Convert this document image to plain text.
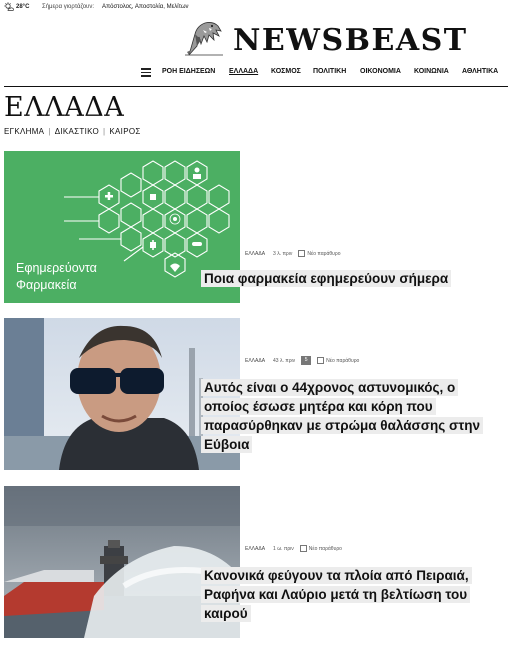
28°C Σήμερα γιορτάζουν: Απόστολος, Αποστολία, Μελίτων
NEWSBEAST
ΡΟΗ ΕΙΔΗΣΕΩΝ ΕΛΛΑΔΑ ΚΟΣΜΟΣ ΠΟΛΙΤΙΚΗ ΟΙΚΟΝΟΜΙΑ ΚΟΙΝΩΝΙΑ ΑΘΛΗΤΙΚΑ
ΕΛΛΑΔΑ
ΕΓΚΛΗΜΑ | ΔΙΚΑΣΤΙΚΟ | ΚΑΙΡΟΣ
Εφημερεύοντα
Φαρμακεία
ΕΛΛΑΔΑ 3 λ. πριν	Νέο παράθυρο
Ποια φαρμακεία εφημερεύουν σήμερα
ΕΛΛΑΔΑ 43 λ. πριν 5	Νέο παράθυρο
Αυτός είναι ο 44χρονος αστυνομικός, ο οποίος έσωσε μητέρα και κόρη που παρασύρθηκαν με στρώμα θαλάσσης στην Εύβοια
ΕΛΛΑΔΑ 1 ω. πριν	Νέο παράθυρο
Κανονικά φεύγουν τα πλοία από Πειραιά, Ραφήνα και Λαύριο μετά τη βελτίωση του καιρού
